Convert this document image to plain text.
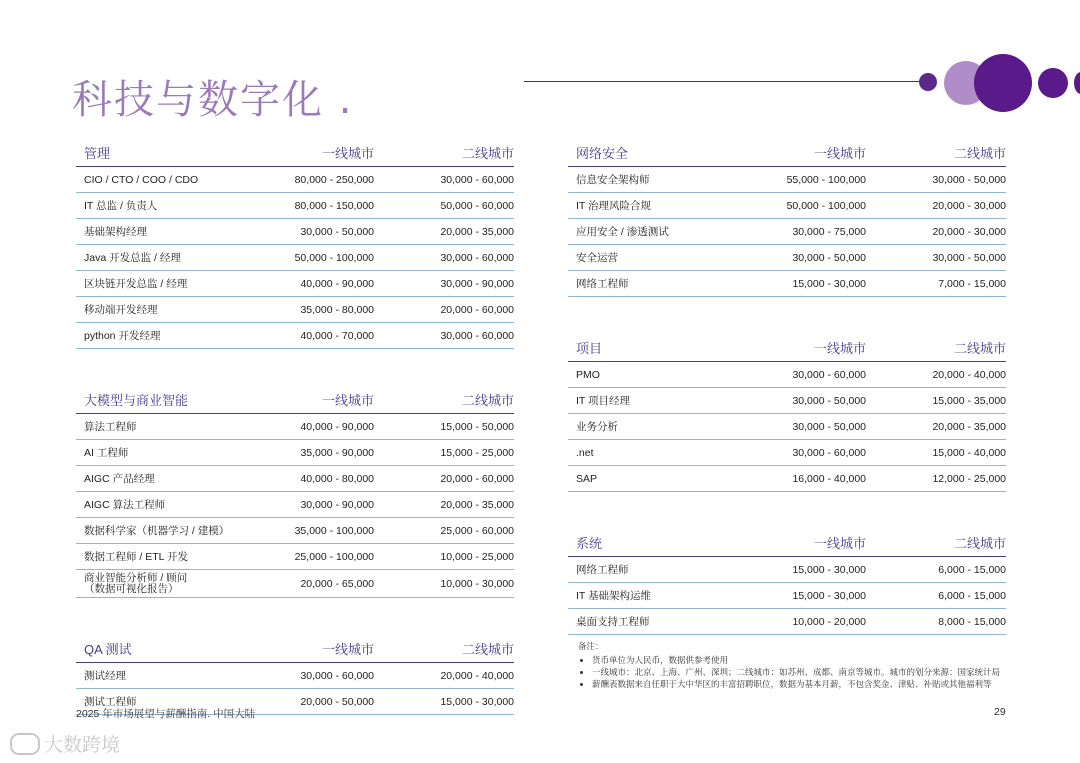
科技与数字化 .
管理	一线城市	二线城市
CIO / CTO / COO / CDO	80,000 - 250,000	30,000 - 60,000
IT 总监 / 负责人	80,000 - 150,000	50,000 - 60,000
基础架构经理	30,000 - 50,000	20,000 - 35,000
Java 开发总监 / 经理	50,000 - 100,000	30,000 - 60,000
区块链开发总监 / 经理	40,000 - 90,000	30,000 - 90,000
移动端开发经理	35,000 - 80,000	20,000 - 60,000
python 开发经理	40,000 - 70,000	30,000 - 60,000
大模型与商业智能	一线城市	二线城市
算法工程师	40,000 - 90,000	15,000 - 50,000
AI 工程师	35,000 - 90,000	15,000 - 25,000
AIGC 产品经理	40,000 - 80,000	20,000 - 60,000
AIGC 算法工程师	30,000 - 90,000	20,000 - 35,000
数据科学家（机器学习 / 建模）	35,000 - 100,000	25,000 - 60,000
数据工程师 / ETL 开发	25,000 - 100,000	10,000 - 25,000
商业智能分析师 / 顾问
（数据可视化报告）	20,000 - 65,000	10,000 - 30,000
QA 测试	一线城市	二线城市
测试经理	30,000 - 60,000	20,000 - 40,000
测试工程师	20,000 - 50,000	15,000 - 30,000
网络安全	一线城市	二线城市
信息安全架构师	55,000 - 100,000	30,000 - 50,000
IT 治理风险合规	50,000 - 100,000	20,000 - 30,000
应用安全 / 渗透测试	30,000 - 75,000	20,000 - 30,000
安全运营	30,000 - 50,000	30,000 - 50,000
网络工程师	15,000 - 30,000	7,000 - 15,000
项目	一线城市	二线城市
PMO	30,000 - 60,000	20,000 - 40,000
IT 项目经理	30,000 - 50,000	15,000 - 35,000
业务分析	30,000 - 50,000	20,000 - 35,000
.net	30,000 - 60,000	15,000 - 40,000
SAP	16,000 - 40,000	12,000 - 25,000
系统	一线城市	二线城市
网络工程师	15,000 - 30,000	6,000 - 15,000
IT 基础架构运维	15,000 - 30,000	6,000 - 15,000
桌面支持工程师	10,000 - 20,000	8,000 - 15,000
备注：
• 货币单位为人民币，数据供参考使用
• 一线城市：北京、上海、广州、深圳；二线城市：如苏州、成都、南京等城市。城市的划分来源：国家统计局
• 薪酬表数据来自任职于大中华区的丰富招聘职位，数据为基本月薪，不包含奖金、津贴、补贴或其他福利等
2025 年市场展望与薪酬指南. 中国大陆	29
大数跨境
